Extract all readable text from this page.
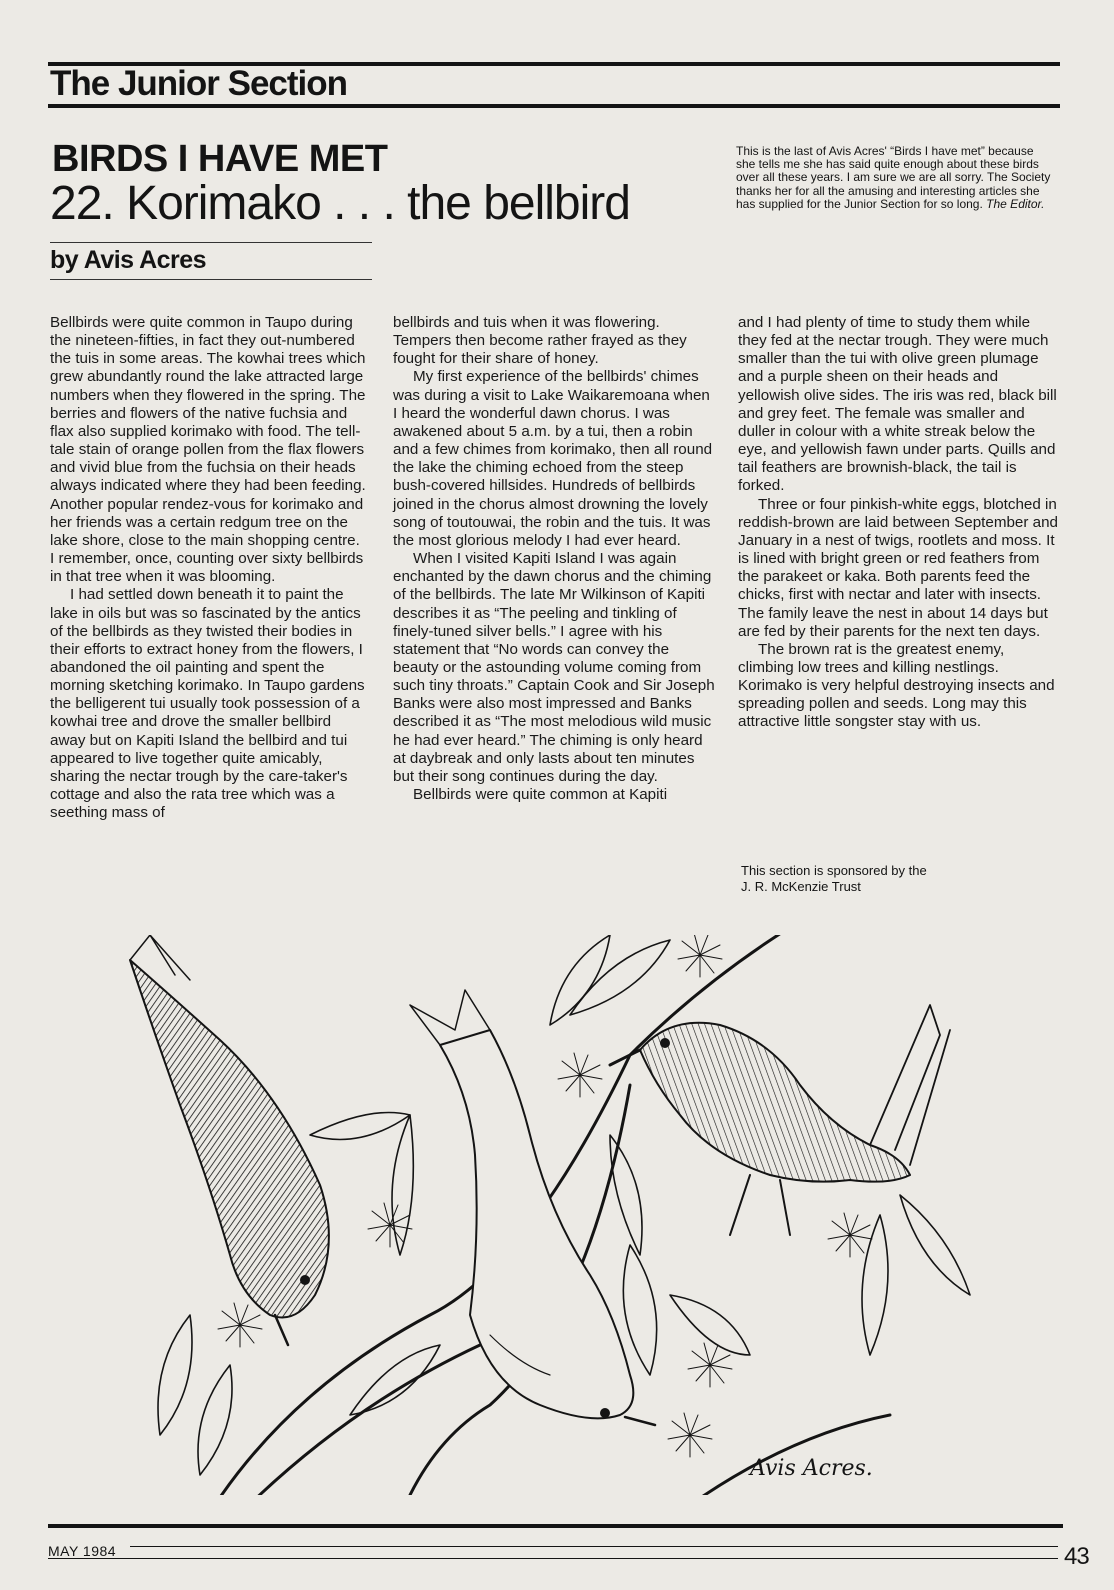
The Junior Section
BIRDS I HAVE MET
22. Korimako . . . the bellbird
by Avis Acres

This is the last of Avis Acres' “Birds I have met” because she tells me she has said quite enough about these birds over all these years. I am sure we are all sorry. The Society thanks her for all the amusing and interesting articles she has supplied for the Junior Section for so long. The Editor.

Bellbirds were quite common in Taupo during the nineteen-fifties, in fact they out-numbered the tuis in some areas. The kowhai trees which grew abundantly round the lake attracted large numbers when they flowered in the spring. The berries and flowers of the native fuchsia and flax also supplied korimako with food. The tell-tale stain of orange pollen from the flax flowers and vivid blue from the fuchsia on their heads always indicated where they had been feeding. Another popular rendez-vous for korimako and her friends was a certain redgum tree on the lake shore, close to the main shopping centre. I remember, once, counting over sixty bellbirds in that tree when it was blooming.

I had settled down beneath it to paint the lake in oils but was so fascinated by the antics of the bellbirds as they twisted their bodies in their efforts to extract honey from the flowers, I abandoned the oil painting and spent the morning sketching korimako. In Taupo gardens the belligerent tui usually took possession of a kowhai tree and drove the smaller bellbird away but on Kapiti Island the bellbird and tui appeared to live together quite amicably, sharing the nectar trough by the care-taker's cottage and also the rata tree which was a seething mass of

bellbirds and tuis when it was flowering. Tempers then become rather frayed as they fought for their share of honey.

My first experience of the bellbirds' chimes was during a visit to Lake Waikaremoana when I heard the wonderful dawn chorus. I was awakened about 5 a.m. by a tui, then a robin and a few chimes from korimako, then all round the lake the chiming echoed from the steep bush-covered hillsides. Hundreds of bellbirds joined in the chorus almost drowning the lovely song of toutouwai, the robin and the tuis. It was the most glorious melody I had ever heard.

When I visited Kapiti Island I was again enchanted by the dawn chorus and the chiming of the bellbirds. The late Mr Wilkinson of Kapiti describes it as “The peeling and tinkling of finely-tuned silver bells.” I agree with his statement that “No words can convey the beauty or the astounding volume coming from such tiny throats.” Captain Cook and Sir Joseph Banks were also most impressed and Banks described it as “The most melodious wild music he had ever heard.” The chiming is only heard at daybreak and only lasts about ten minutes but their song continues during the day.

Bellbirds were quite common at Kapiti

and I had plenty of time to study them while they fed at the nectar trough. They were much smaller than the tui with olive green plumage and a purple sheen on their heads and yellowish olive sides. The iris was red, black bill and grey feet. The female was smaller and duller in colour with a white streak below the eye, and yellowish fawn under parts. Quills and tail feathers are brownish-black, the tail is forked.

Three or four pinkish-white eggs, blotched in reddish-brown are laid between September and January in a nest of twigs, rootlets and moss. It is lined with bright green or red feathers from the parakeet or kaka. Both parents feed the chicks, first with nectar and later with insects. The family leave the nest in about 14 days but are fed by their parents for the next ten days.

The brown rat is the greatest enemy, climbing low trees and killing nestlings. Korimako is very helpful destroying insects and spreading pollen and seeds. Long may this attractive little songster stay with us.

This section is sponsored by the
J. R. McKenzie Trust

Avis Acres.
MAY 1984	43
